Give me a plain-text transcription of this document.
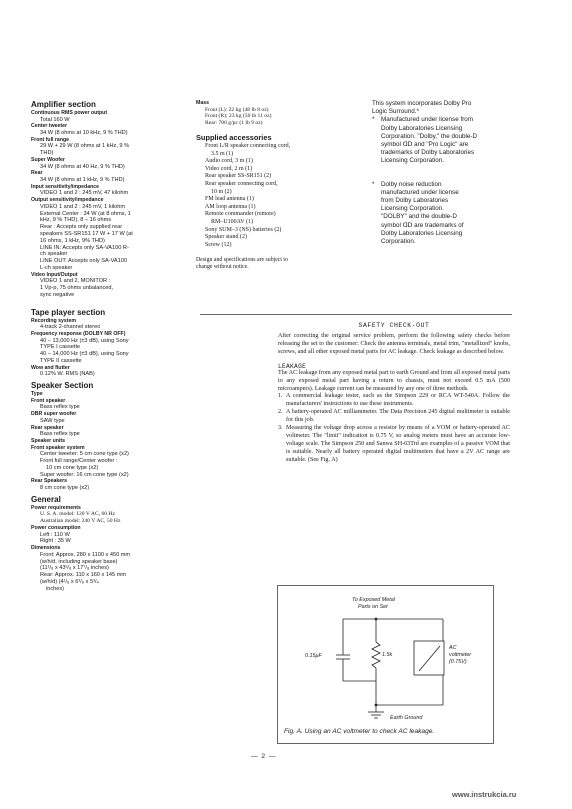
Amplifier section
Continuous RMS power output
Total 160 W
Center tweeter
34 W (8 ohms at 10 kHz, 9 % THD)
Front full range
29 W + 29 W (8 ohms at 1 kHz, 9 %
THD)
Super Woofer
34 W (8 ohms at 40 Hz, 9 % THD)
Rear
34 W (8 ohms at 1 kHz, 9 % THD)
Input sensitivity/impedance
VIDEO 1 and 2 : 245 mV, 47 kilohm
Output sensitivity/impedance
VIDEO 1 and 2 : 245 mV, 1 kilohm
External Center : 34 W (at 8 ohms, 1
kHz, 9 % THD), 8 – 16 ohms
Rear : Accepts only supplied rear
speakers SS-SR151 17 W + 17 W (at
16 ohms, 1 kHz, 9% THD)
LINE IN: Accepts only SA-VA100 R-
ch speaker
LINE OUT: Accepts only SA-VA100
L-ch speaker
Video Input/Output
VIDEO 1 and 2, MONITOR :
1 Vp-p, 75 ohms unbalanced,
sync negative
Tape player section
Recording system
4-track 2-channel stereo
Frequency response (DOLBY NR OFF)
40 – 13,000 Hz (±3 dB), using Sony
TYPE I cassette
40 – 14,000 Hz (±3 dB), using Sony
TYPE II cassette
Wow and flutter
0.12% W. RMS (NAB)
Speaker Section
Type
Front speaker
Bass reflex type
DBR super woofer
SAW type
Rear speaker
Bass reflex type
Speaker units
Front speaker system
Center tweeter: 5 cm cone type (x2)
Front full range/Center woofer :
10 cm cone type (x2)
Super woofer: 16 cm cone type (x2)
Rear Speakers
8 cm cone type (x2)
General
Power requirements
U. S. A. model: 120 V AC, 60 Hz
Australian model: 240 V AC, 50 Hz
Power consumption
Left : 110 W
Right : 35 W
Dimensions
Front: Approx. 280 x 1100 x 450 mm
(w/h/d, including speaker base)
(11¹/₈ x 43³/₈ x 17⁷/₈ inches)
Rear: Approx. 110 x 160 x 145 mm
(w/h/d) (4¹/₈ x 6³/₈ x 5³/₄
inches)
Mass
Front (L): 22 kg (48 lb 8 oz)
Front (R): 23 kg (50 lb 11 oz)
Rear: 700 g/pc (1 lb 9 oz)
Supplied accessories
Front L/R speaker connecting cord,
3.5 m (1)
Audio cord, 3 m (1)
Video cord, 2 m (1)
Rear speaker SS-SR151 (2)
Rear speaker connecting cord,
10 m (2)
FM lead antenna (1)
AM loop antenna (1)
Remote commander (remote)
RM–U100AV (1)
Sony SUM–3 (NS) batteries (2)
Speaker stand (2)
Screw (12)
Design and specifications are subject to
change without notice.
This system incorporates Dolby Pro
Logic Surround.*
* Manufactured under license from
Dolby Laboratories Licensing
Corporation. "Dolby," the double-D
symbol ᗡᗞ and "Pro Logic" are
trademarks of Dolby Laboratories
Licensing Corporation.
* Dolby noise reduction
manufactured under license
from Dolby Laboratories
Licensing Corporation.
"DOLBY" and the double-D
symbol ᗡᗞ are trademarks of
Dolby Laboratories Licensing
Corporation.
SAFETY CHECK-OUT
After correcting the original service problem, perform the following safety checks before releasing the set to the customer: Check the antenna terminals, metal trim, "metallized" knobs, screws, and all other exposed metal parts for AC leakage. Check leakage as described below.
LEAKAGE
The AC leakage from any exposed metal part to earth Ground and from all exposed metal parts to any exposed metal part having a return to chassis, must not exceed 0.5 mA (500 microampers). Leakage current can be measured by any one of three methods.
1. A commercial leakage tester, such as the Simpson 229 or RCA WT-540A. Follow the manufacturers' instructions to use these instruments.
2. A battery-operated AC milliammeter. The Data Precision 245 digital multimeter is suitable for this job.
3. Measuring the voltage drop across a resistor by means of a VOM or battery-operated AC voltmeter. The "limit" indication is 0.75 V, so analog meters must have an accurate low-voltage scale. The Simpson 250 and Sanwa SH-63Trd are examples of a passive VOM that is suitable. Nearly all battery operated digital multimeters that have a 2V AC range are suitable. (See Fig. A)
To Exposed Metal
Parts on Set
0.15μF	1.5k
AC
voltmeter
(0.75V)
Earth Ground
Fig. A. Using an AC voltmeter to check AC leakage.
— 2 —
www.instrukcia.ru
